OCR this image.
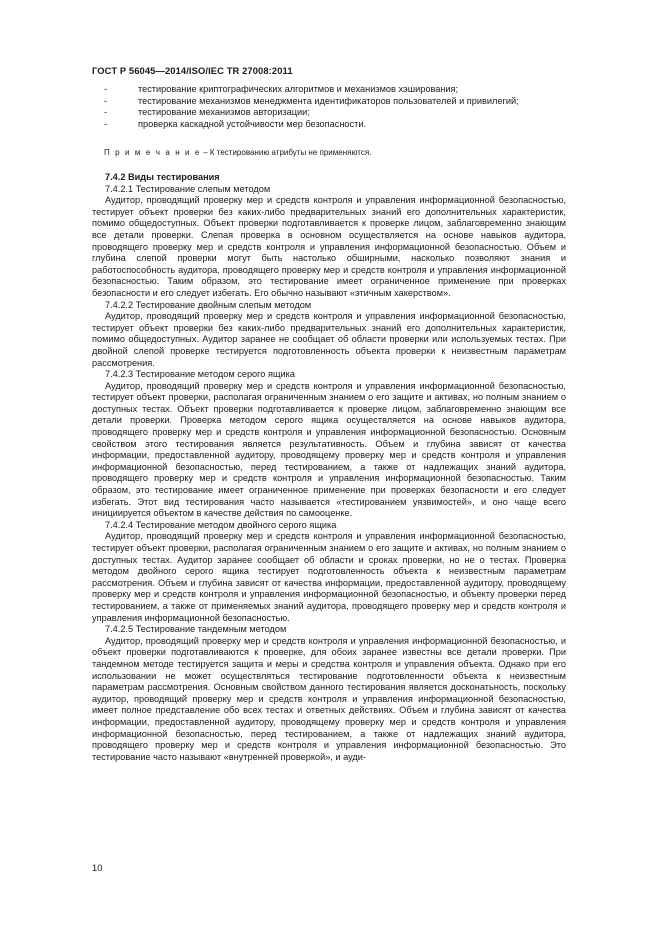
ГОСТ Р 56045—2014/ISO/IEC TR 27008:2011
-	тестирование криптографических алгоритмов и механизмов хэширования;
-	тестирование механизмов менеджмента идентификаторов пользователей и привилегий;
-	тестирование механизмов авторизации;
-	проверка каскадной устойчивости мер безопасности.
П р и м е ч а н и е – К тестированию атрибуты не применяются.
7.4.2 Виды тестирования
7.4.2.1 Тестирование слепым методом

Аудитор, проводящий проверку мер и средств контроля и управления информационной безопасностью, тестирует объект проверки без каких-либо предварительных знаний его дополнительных характеристик, помимо общедоступных. Объект проверки подготавливается к проверке лицом, заблаговременно знающим все детали проверки. Слепая проверка в основном осуществляется на основе навыков аудитора, проводящего проверку мер и средств контроля и управления информационной безопасностью. Объем и глубина слепой проверки могут быть настолько обширными, насколько позволяют знания и работоспособность аудитора, проводящего проверку мер и средств контроля и управления информационной безопасностью. Таким образом, это тестирование имеет ограниченное применение при проверках безопасности и его следует избегать. Его обычно называют «этичным хакерством».

7.4.2.2 Тестирование двойным слепым методом

Аудитор, проводящий проверку мер и средств контроля и управления информационной безопасностью, тестирует объект проверки без каких-либо предварительных знаний его дополнительных характеристик, помимо общедоступных. Аудитор заранее не сообщает об области проверки или используемых тестах. При двойной слепой проверке тестируется подготовленность объекта проверки к неизвестным параметрам рассмотрения.

7.4.2.3 Тестирование методом серого ящика

Аудитор, проводящий проверку мер и средств контроля и управления информационной безопасностью, тестирует объект проверки, располагая ограниченным знанием о его защите и активах, но полным знанием о доступных тестах. Объект проверки подготавливается к проверке лицом, заблаговременно знающим все детали проверки. Проверка методом серого ящика осуществляется на основе навыков аудитора, проводящего проверку мер и средств контроля и управления информационной безопасностью. Основным свойством этого тестирования является результативность. Объем и глубина зависят от качества информации, предоставленной аудитору, проводящему проверку мер и средств контроля и управления информационной безопасностью, перед тестированием, а также от надлежащих знаний аудитора, проводящего проверку мер и средств контроля и управления информационной безопасностью. Таким образом, это тестирование имеет ограниченное применение при проверках безопасности и его следует избегать. Этот вид тестирования часто называется «тестированием уязвимостей», и оно чаще всего инициируется объектом в качестве действия по самооценке.

7.4.2.4 Тестирование методом двойного серого ящика

Аудитор, проводящий проверку мер и средств контроля и управления информационной безопасностью, тестирует объект проверки, располагая ограниченным знанием о его защите и активах, но полным знанием о доступных тестах. Аудитор заранее сообщает об области и сроках проверки, но не о тестах. Проверка методом двойного серого ящика тестирует подготовленность объекта к неизвестным параметрам рассмотрения. Объем и глубина зависят от качества информации, предоставленной аудитору, проводящему проверку мер и средств контроля и управления информационной безопасностью, и объекту проверки перед тестированием, а также от применяемых знаний аудитора, проводящего проверку мер и средств контроля и управления информационной безопасностью.

7.4.2.5 Тестирование тандемным методом

Аудитор, проводящий проверку мер и средств контроля и управления информационной безопасностью, и объект проверки подготавливаются к проверке, для обоих заранее известны все детали проверки. При тандемном методе тестируется защита и меры и средства контроля и управления объекта. Однако при его использовании не может осуществляться тестирование подготовленности объекта к неизвестным параметрам рассмотрения. Основным свойством данного тестирования является досконатьность, поскольку аудитор, проводящий проверку мер и средств контроля и управления информационной безопасностью, имеет полное представление обо всех тестах и ответных действиях. Объем и глубина зависят от качества информации, предоставленной аудитору, проводящему проверку мер и средств контроля и управления информационной безопасностью, перед тестированием, а также от надлежащих знаний аудитора, проводящего проверку мер и средств контроля и управления информационной безопасностью. Это тестирование часто называют «внутренней проверкой», и ауди-

10
